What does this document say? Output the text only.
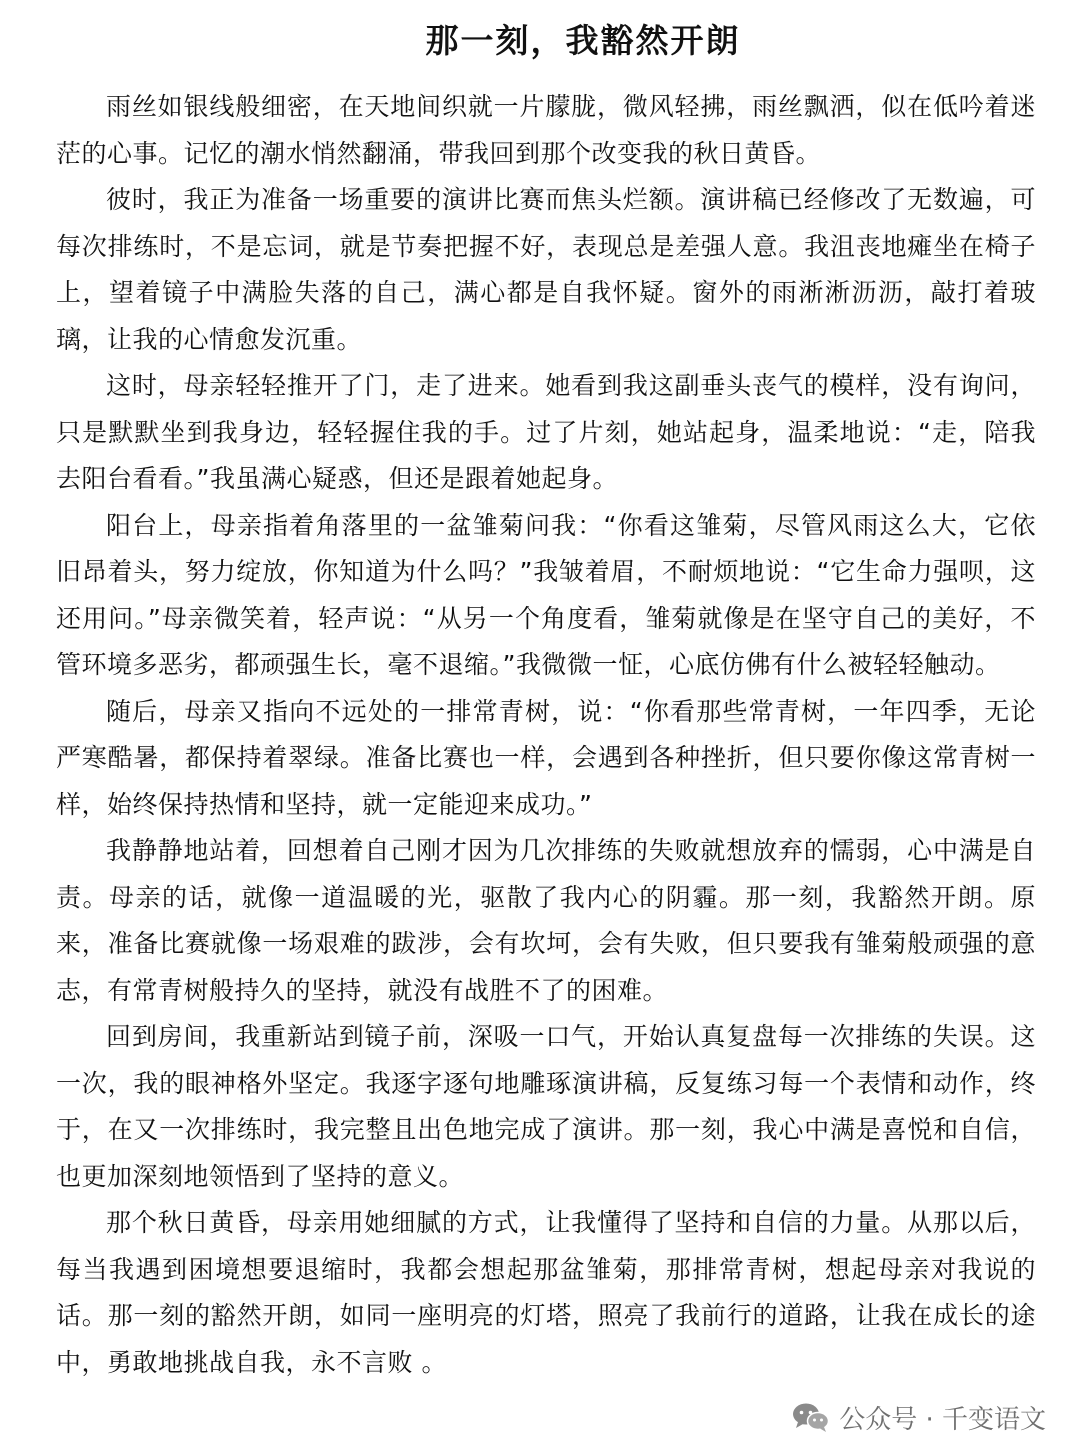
那一刻，我豁然开朗

雨丝如银线般细密，在天地间织就一片朦胧，微风轻拂，雨丝飘洒，似在低吟着迷茫的心事。记忆的潮水悄然翻涌，带我回到那个改变我的秋日黄昏。

彼时，我正为准备一场重要的演讲比赛而焦头烂额。演讲稿已经修改了无数遍，可每次排练时，不是忘词，就是节奏把握不好，表现总是差强人意。我沮丧地瘫坐在椅子上，望着镜子中满脸失落的自己，满心都是自我怀疑。窗外的雨淅淅沥沥，敲打着玻璃，让我的心情愈发沉重。

这时，母亲轻轻推开了门，走了进来。她看到我这副垂头丧气的模样，没有询问，只是默默坐到我身边，轻轻握住我的手。过了片刻，她站起身，温柔地说：“走，陪我去阳台看看。”我虽满心疑惑，但还是跟着她起身。

阳台上，母亲指着角落里的一盆雏菊问我：“你看这雏菊，尽管风雨这么大，它依旧昂着头，努力绽放，你知道为什么吗？”我皱着眉，不耐烦地说：“它生命力强呗，这还用问。”母亲微笑着，轻声说：“从另一个角度看，雏菊就像是在坚守自己的美好，不管环境多恶劣，都顽强生长，毫不退缩。”我微微一怔，心底仿佛有什么被轻轻触动。

随后，母亲又指向不远处的一排常青树，说：“你看那些常青树，一年四季，无论严寒酷暑，都保持着翠绿。准备比赛也一样，会遇到各种挫折，但只要你像这常青树一样，始终保持热情和坚持，就一定能迎来成功。”

我静静地站着，回想着自己刚才因为几次排练的失败就想放弃的懦弱，心中满是自责。母亲的话，就像一道温暖的光，驱散了我内心的阴霾。那一刻，我豁然开朗。原来，准备比赛就像一场艰难的跋涉，会有坎坷，会有失败，但只要我有雏菊般顽强的意志，有常青树般持久的坚持，就没有战胜不了的困难。

回到房间，我重新站到镜子前，深吸一口气，开始认真复盘每一次排练的失误。这一次，我的眼神格外坚定。我逐字逐句地雕琢演讲稿，反复练习每一个表情和动作，终于，在又一次排练时，我完整且出色地完成了演讲。那一刻，我心中满是喜悦和自信，也更加深刻地领悟到了坚持的意义。

那个秋日黄昏，母亲用她细腻的方式，让我懂得了坚持和自信的力量。从那以后，每当我遇到困境想要退缩时，我都会想起那盆雏菊，那排常青树，想起母亲对我说的话。那一刻的豁然开朗，如同一座明亮的灯塔，照亮了我前行的道路，让我在成长的途中，勇敢地挑战自我，永不言败 。

公众号 · 千变语文
